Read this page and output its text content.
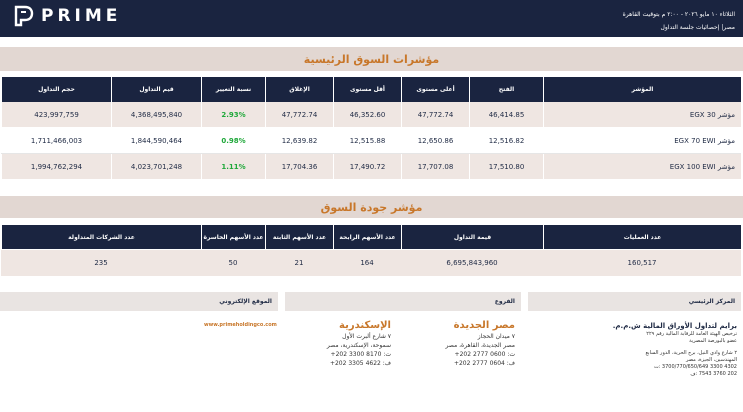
PRIME	الثلاثاء ١٠ مايو ٢٠٢٦ - ٢:٠٠ م بتوقيت القاهرة
مصر| إحصائيات جلسة التداول
مؤشرات السوق الرئيسية
المؤشر
الفتح
أعلى مستوى
أقل مستوى
الإغلاق
نسبة التغيير
قيم التداول
حجم التداول
مؤشر EGX 30
46,414.85
47,772.74
46,352.60
47,772.74
2.93%
4,368,495,840
423,997,759
مؤشر EGX 70 EWI
12,516.82
12,650.86
12,515.88
12,639.82
0.98%
1,844,590,464
1,711,466,003
مؤشر EGX 100 EWI
17,510.80
17,707.08
17,490.72
17,704.36
1.11%
4,023,701,248
1,994,762,294
مؤشر جودة السوق
عدد العمليات
قيمة التداول
عدد الأسهم الرابحة
عدد الأسهم الثابتة
عدد الأسهم الخاسرة
عدد الشركات المتداولة
160,517
6,695,843,960
164
21
50
235
المركز الرئيسي
الفروع
الموقع الإلكتروني
برايم لتداول الأوراق المالية ش.م.م.
ترخيص الهيئة العامة للرقابة المالية رقم ٢٢٩
عضو بالبورصة المصرية
٢ شارع وادي النيل، برج الحرية، الدور السابع
المهندسين، الجيزة، مصر
4302 3300 3700/770/650/649 :ت
202 3760 7543 :ف
مصر الجديدة
٧ ميدان الحجاز
مصر الجديدة، القاهرة، مصر
ت: 0600 2777 202+
ف: 0604 2777 202+
الإسكندرية
٧ شارع ألبرت الأول
سموحة، الإسكندرية، مصر
ت: 8170 3300 202+
ف: 4622 3305 202+
www.primeholdingco.com
